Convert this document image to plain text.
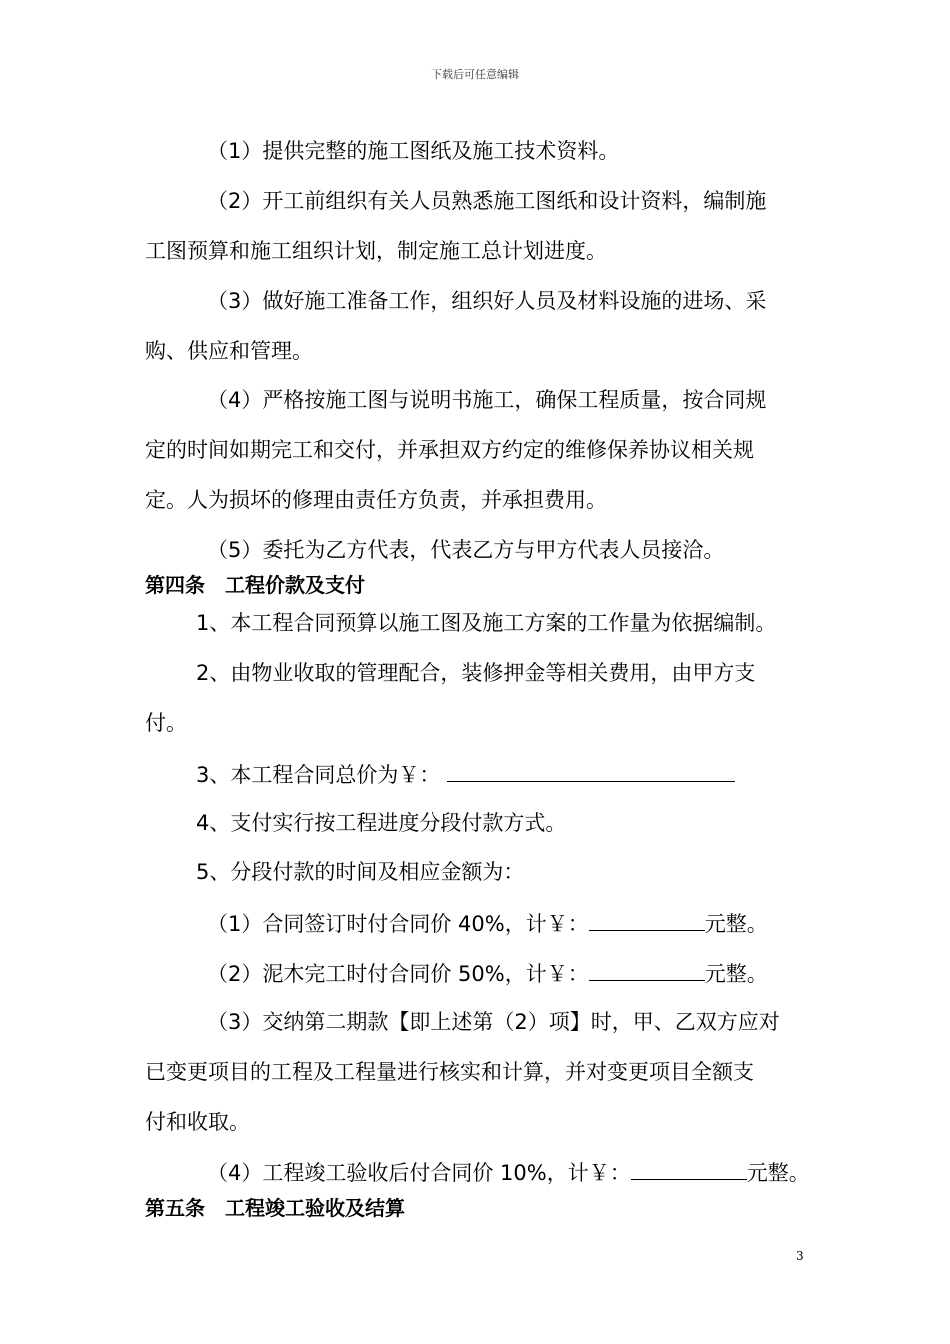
下载后可任意编辑
（1）提供完整的施工图纸及施工技术资料。
（2）开工前组织有关人员熟悉施工图纸和设计资料，编制施
工图预算和施工组织计划，制定施工总计划进度。
（3）做好施工准备工作，组织好人员及材料设施的进场、采
购、供应和管理。
（4）严格按施工图与说明书施工，确保工程质量，按合同规
定的时间如期完工和交付，并承担双方约定的维修保养协议相关规
定。人为损坏的修理由责任方负责，并承担费用。
（5）委托为乙方代表，代表乙方与甲方代表人员接洽。
第四条　工程价款及支付
1、本工程合同预算以施工图及施工方案的工作量为依据编制。
2、由物业收取的管理配合，装修押金等相关费用，由甲方支
付。
3、本工程合同总价为￥：
4、支付实行按工程进度分段付款方式。
5、分段付款的时间及相应金额为：
（1）合同签订时付合同价 40%，计￥：	元整。
（2）泥木完工时付合同价 50%，计￥：	元整。
（3）交纳第二期款【即上述第（2）项】时，甲、乙双方应对
已变更项目的工程及工程量进行核实和计算，并对变更项目全额支
付和收取。
（4）工程竣工验收后付合同价 10%，计￥：	元整。
第五条　工程竣工验收及结算
3
